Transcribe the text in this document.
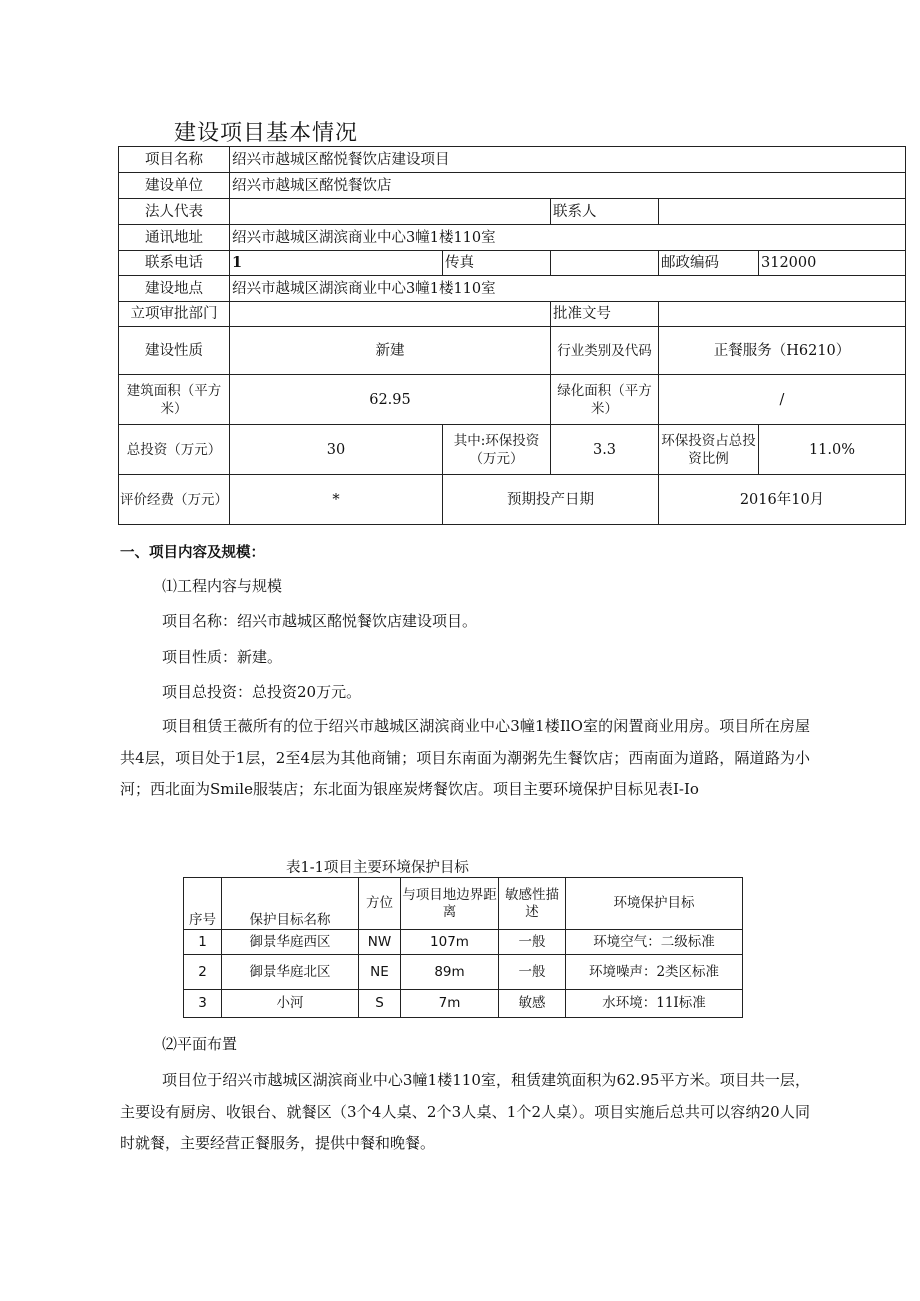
建设项目基本情况
项目名称	绍兴市越城区酩悦餐饮店建设项目				
建设单位	绍兴市越城区酩悦餐饮店				
法人代表			联系人		
通讯地址	绍兴市越城区湖滨商业中心3幢1楼110室				
联系电话	1	传真		邮政编码	312000
建设地点	绍兴市越城区湖滨商业中心3幢1楼110室				
立项审批部门			批准文号		
建设性质	新建		行业类别及代码	正餐服务（H6210）	
建筑面积（平方米）	62.95		绿化面积（平方米）	/	
总投资（万元）	30	其中:环保投资（万元）	3.3	环保投资占总投资比例	11.0%
评价经费（万元）	*	预期投产日期		2016年10月	
一、项目内容及规模：
⑴工程内容与规模
项目名称：绍兴市越城区酩悦餐饮店建设项目。
项目性质：新建。
项目总投资：总投资20万元。
项目租赁王薇所有的位于绍兴市越城区湖滨商业中心3幢1楼IlO室的闲置商业用房。项目所在房屋共4层，项目处于1层，2至4层为其他商铺；项目东南面为潮粥先生餐饮店；西南面为道路，隔道路为小河；西北面为Smile服装店；东北面为银座炭烤餐饮店。项目主要环境保护目标见表I-Io
表1-1项目主要环境保护目标
序号	保护目标名称	方位	与项目地边界距离	敏感性描述	环境保护目标
1	御景华庭西区	NW	107m	一般	环境空气：二级标准
2	御景华庭北区	NE	89m	一般	环境噪声：2类区标准
3	小河	S	7m	敏感	水环境：11I标准
⑵平面布置
项目位于绍兴市越城区湖滨商业中心3幢1楼110室，租赁建筑面积为62.95平方米。项目共一层，主要设有厨房、收银台、就餐区（3个4人桌、2个3人桌、1个2人桌）。项目实施后总共可以容纳20人同时就餐，主要经营正餐服务，提供中餐和晚餐。
